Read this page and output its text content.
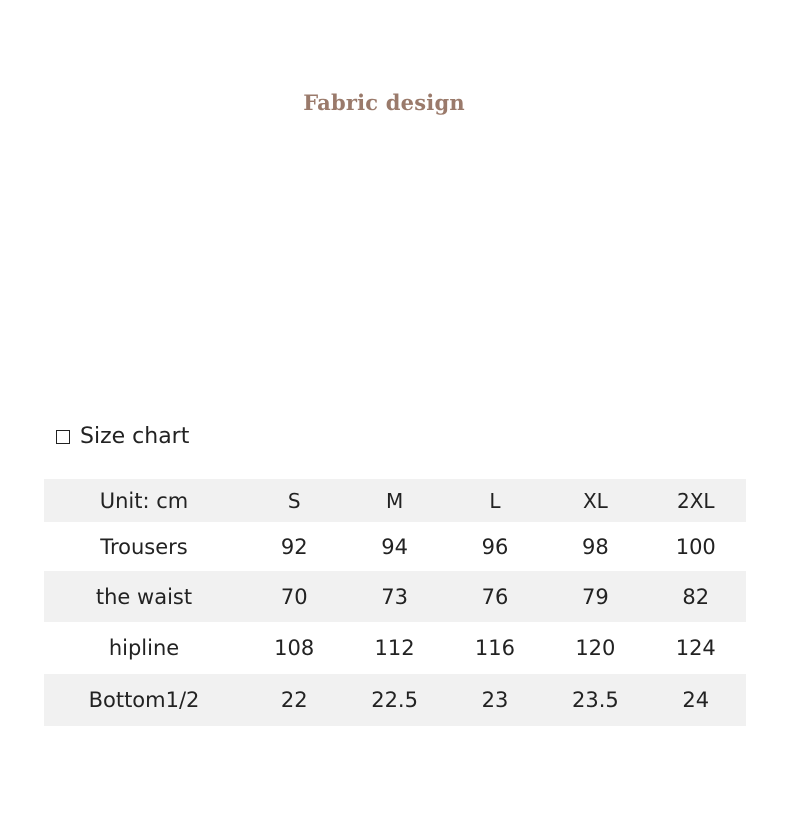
Fabric design
Size chart
Unit: cm	S	M	L	XL	2XL
Trousers	92	94	96	98	100
the waist	70	73	76	79	82
hipline	108	112	116	120	124
Bottom1/2	22	22.5	23	23.5	24
